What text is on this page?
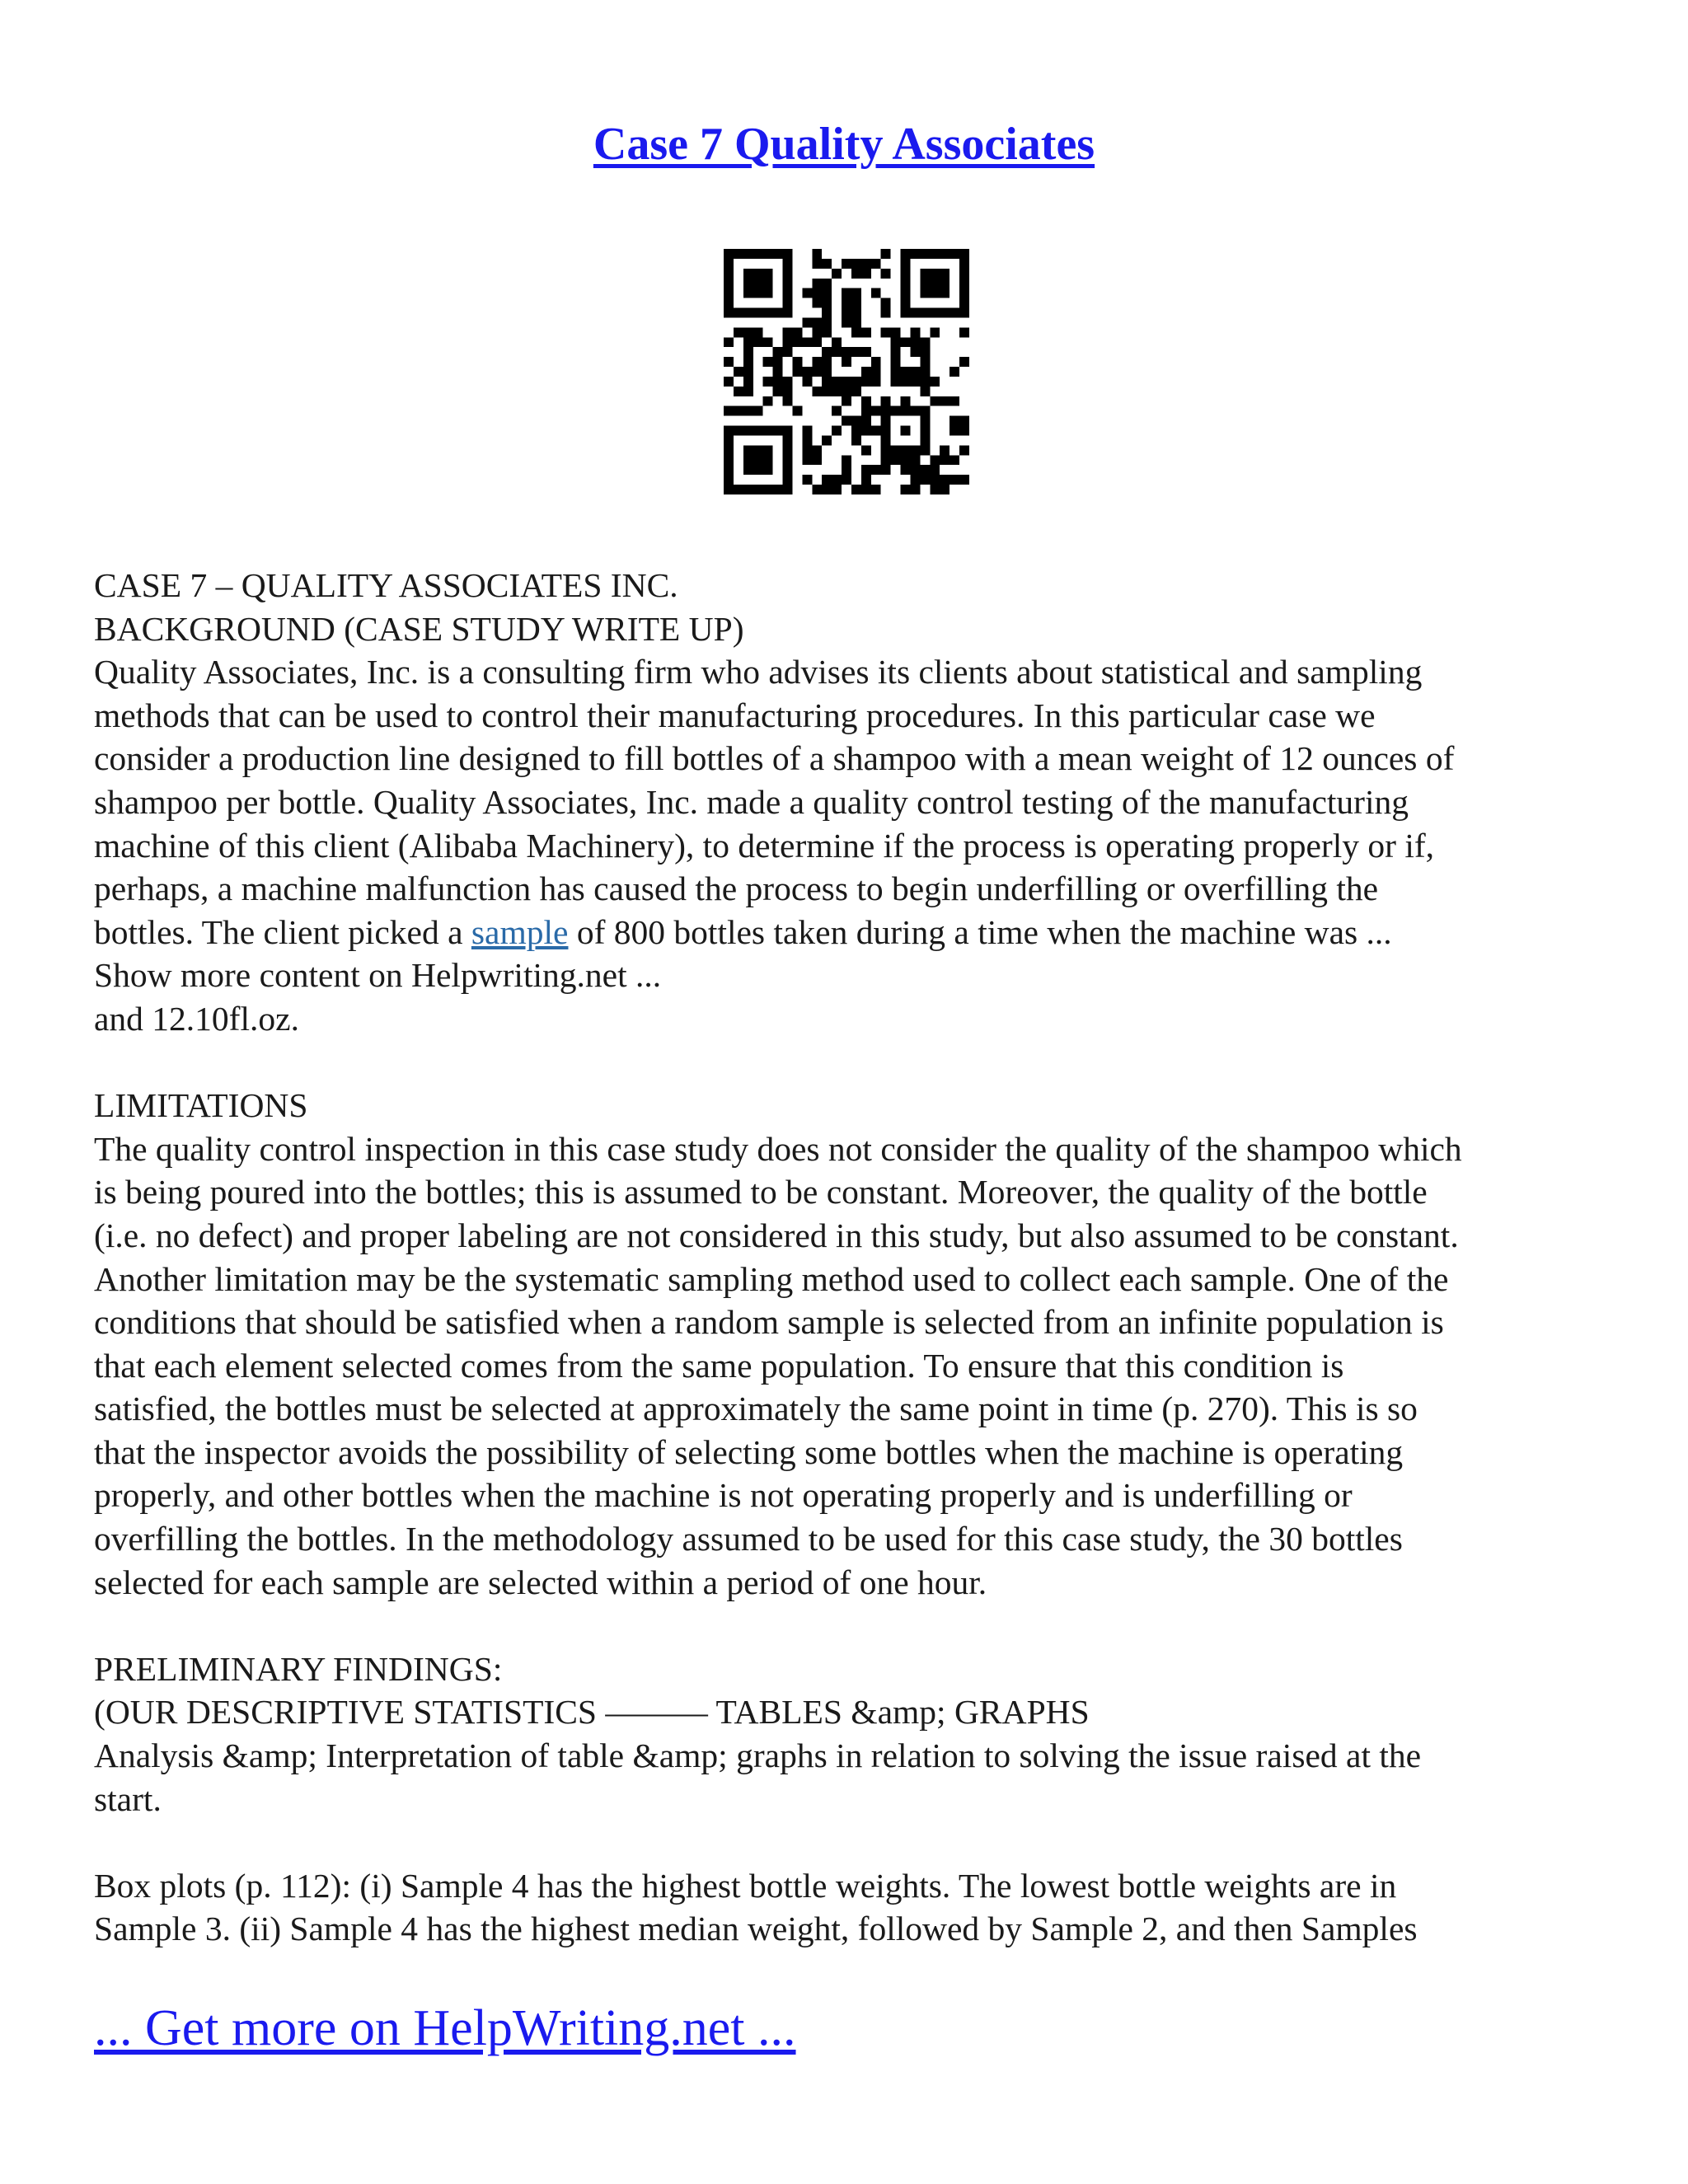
Case 7 Quality Associates
CASE 7 – QUALITY ASSOCIATES INC.
BACKGROUND (CASE STUDY WRITE UP)
Quality Associates, Inc. is a consulting firm who advises its clients about statistical and sampling
methods that can be used to control their manufacturing procedures. In this particular case we
consider a production line designed to fill bottles of a shampoo with a mean weight of 12 ounces of
shampoo per bottle. Quality Associates, Inc. made a quality control testing of the manufacturing
machine of this client (Alibaba Machinery), to determine if the process is operating properly or if,
perhaps, a machine malfunction has caused the process to begin underfilling or overfilling the
bottles. The client picked a sample of 800 bottles taken during a time when the machine was ...
Show more content on Helpwriting.net ...
and 12.10fl.oz.
LIMITATIONS
The quality control inspection in this case study does not consider the quality of the shampoo which
is being poured into the bottles; this is assumed to be constant. Moreover, the quality of the bottle
(i.e. no defect) and proper labeling are not considered in this study, but also assumed to be constant.
Another limitation may be the systematic sampling method used to collect each sample. One of the
conditions that should be satisfied when a random sample is selected from an infinite population is
that each element selected comes from the same population. To ensure that this condition is
satisfied, the bottles must be selected at approximately the same point in time (p. 270). This is so
that the inspector avoids the possibility of selecting some bottles when the machine is operating
properly, and other bottles when the machine is not operating properly and is underfilling or
overfilling the bottles. In the methodology assumed to be used for this case study, the 30 bottles
selected for each sample are selected within a period of one hour.
PRELIMINARY FINDINGS:
(OUR DESCRIPTIVE STATISTICS ——— TABLES &amp; GRAPHS
Analysis &amp; Interpretation of table &amp; graphs in relation to solving the issue raised at the
start.
Box plots (p. 112): (i) Sample 4 has the highest bottle weights. The lowest bottle weights are in
Sample 3. (ii) Sample 4 has the highest median weight, followed by Sample 2, and then Samples
... Get more on HelpWriting.net ...
